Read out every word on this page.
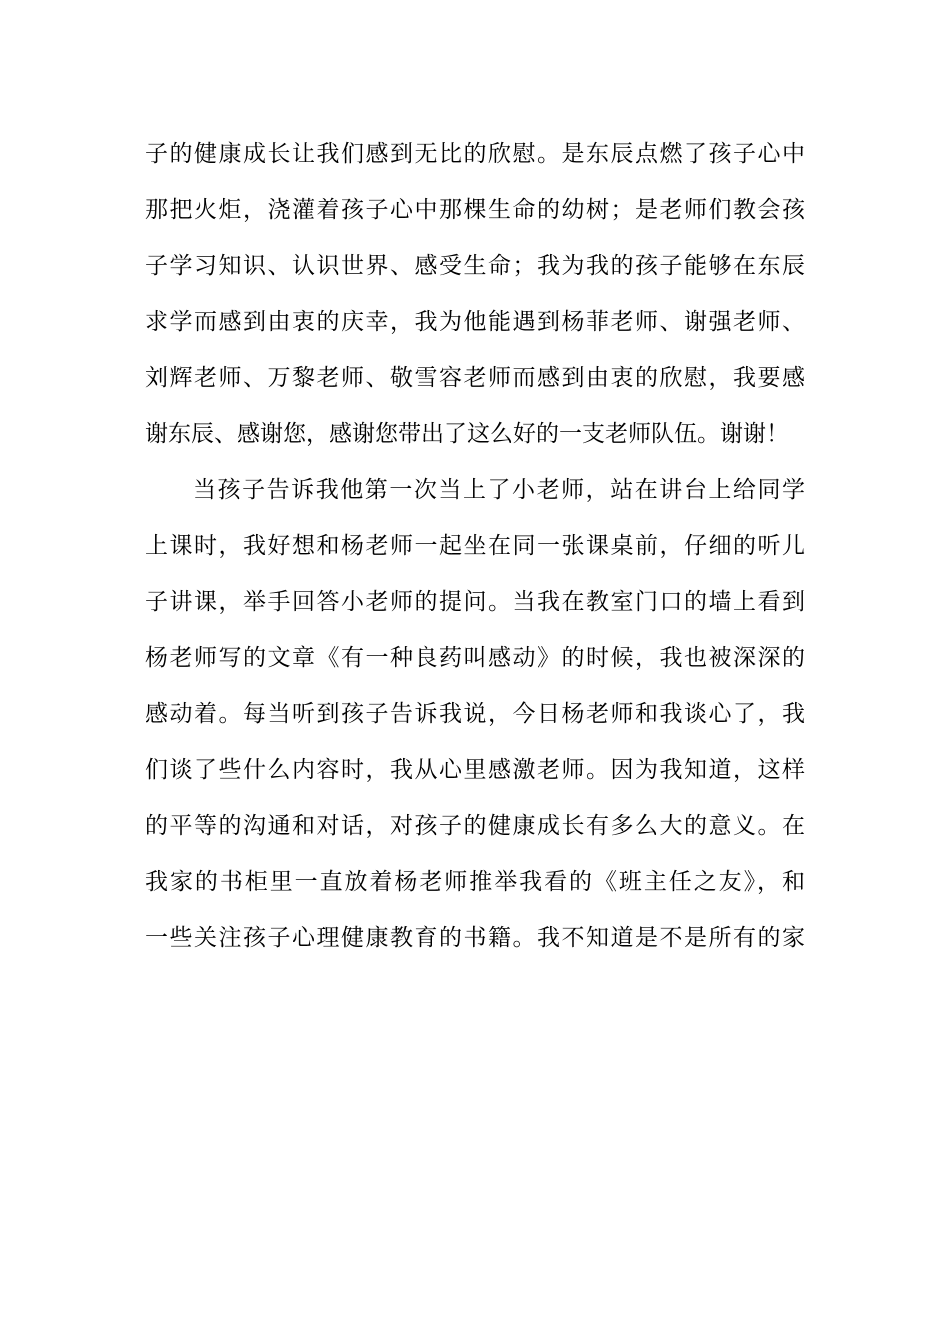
子的健康成长让我们感到无比的欣慰。是东辰点燃了孩子心中
那把火炬，浇灌着孩子心中那棵生命的幼树；是老师们教会孩
子学习知识、认识世界、感受生命；我为我的孩子能够在东辰
求学而感到由衷的庆幸，我为他能遇到杨菲老师、谢强老师、
刘辉老师、万黎老师、敬雪容老师而感到由衷的欣慰，我要感
谢东辰、感谢您，感谢您带出了这么好的一支老师队伍。谢谢！
当孩子告诉我他第一次当上了小老师，站在讲台上给同学
上课时，我好想和杨老师一起坐在同一张课桌前，仔细的听儿
子讲课，举手回答小老师的提问。当我在教室门口的墙上看到
杨老师写的文章《有一种良药叫感动》的时候，我也被深深的
感动着。每当听到孩子告诉我说，今日杨老师和我谈心了，我
们谈了些什么内容时，我从心里感激老师。因为我知道，这样
的平等的沟通和对话，对孩子的健康成长有多么大的意义。在
我家的书柜里一直放着杨老师推举我看的《班主任之友》，和
一些关注孩子心理健康教育的书籍。我不知道是不是所有的家
